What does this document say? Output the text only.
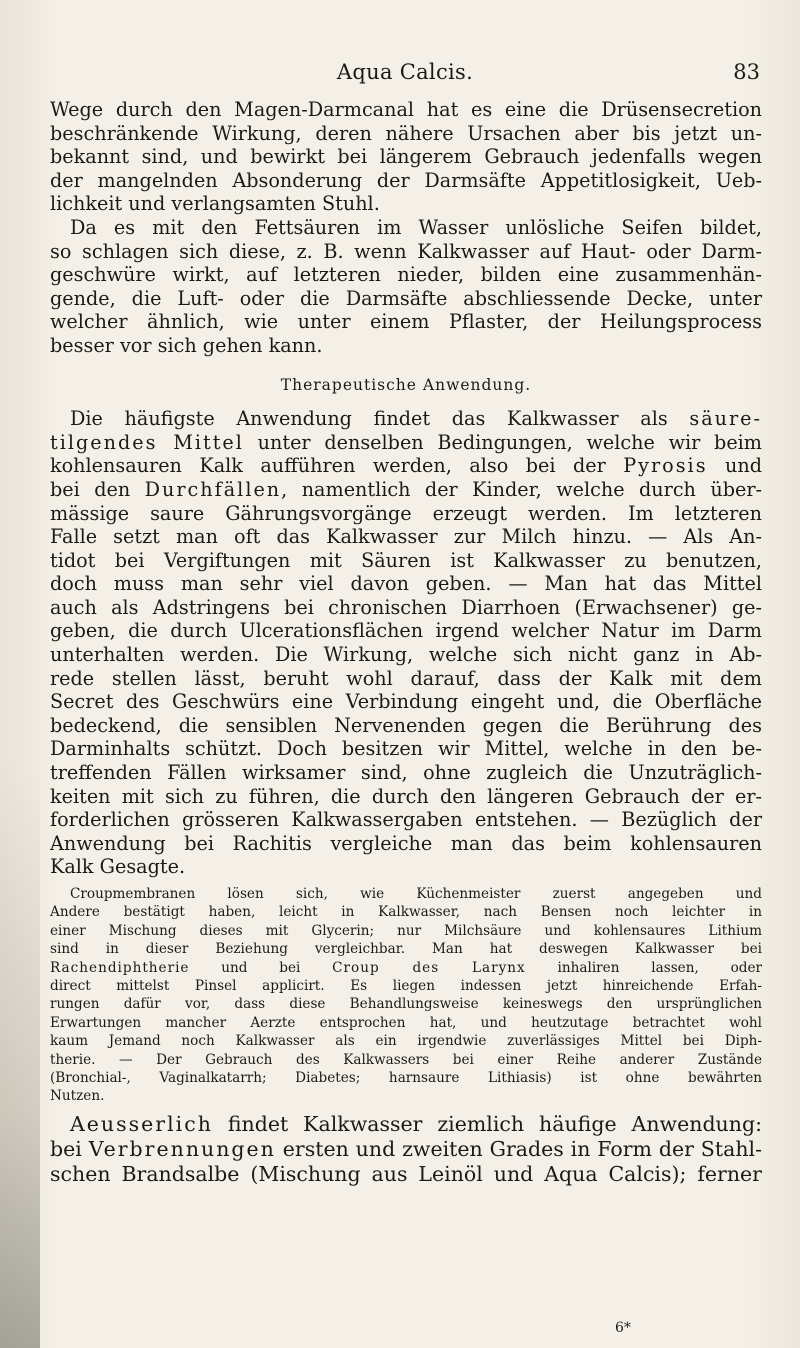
Aqua Calcis.	83
Wege durch den Magen-Darmcanal hat es eine die Drüsensecretion
beschränkende Wirkung, deren nähere Ursachen aber bis jetzt un-
bekannt sind, und bewirkt bei längerem Gebrauch jedenfalls wegen
der mangelnden Absonderung der Darmsäfte Appetitlosigkeit, Ueb-
lichkeit und verlangsamten Stuhl.
Da es mit den Fettsäuren im Wasser unlösliche Seifen bildet,
so schlagen sich diese, z. B. wenn Kalkwasser auf Haut- oder Darm-
geschwüre wirkt, auf letzteren nieder, bilden eine zusammenhän-
gende, die Luft- oder die Darmsäfte abschliessende Decke, unter
welcher ähnlich, wie unter einem Pflaster, der Heilungsprocess
besser vor sich gehen kann.
Therapeutische Anwendung.
Die häufigste Anwendung findet das Kalkwasser als säure-
tilgendes Mittel unter denselben Bedingungen, welche wir beim
kohlensauren Kalk aufführen werden, also bei der Pyrosis und
bei den Durchfällen, namentlich der Kinder, welche durch über-
mässige saure Gährungsvorgänge erzeugt werden. Im letzteren
Falle setzt man oft das Kalkwasser zur Milch hinzu. — Als An-
tidot bei Vergiftungen mit Säuren ist Kalkwasser zu benutzen,
doch muss man sehr viel davon geben. — Man hat das Mittel
auch als Adstringens bei chronischen Diarrhoen (Erwachsener) ge-
geben, die durch Ulcerationsflächen irgend welcher Natur im Darm
unterhalten werden. Die Wirkung, welche sich nicht ganz in Ab-
rede stellen lässt, beruht wohl darauf, dass der Kalk mit dem
Secret des Geschwürs eine Verbindung eingeht und, die Oberfläche
bedeckend, die sensiblen Nervenenden gegen die Berührung des
Darminhalts schützt. Doch besitzen wir Mittel, welche in den be-
treffenden Fällen wirksamer sind, ohne zugleich die Unzuträglich-
keiten mit sich zu führen, die durch den längeren Gebrauch der er-
forderlichen grösseren Kalkwassergaben entstehen. — Bezüglich der
Anwendung bei Rachitis vergleiche man das beim kohlensauren
Kalk Gesagte.
Croupmembranen lösen sich, wie Küchenmeister zuerst angegeben und
Andere bestätigt haben, leicht in Kalkwasser, nach Bensen noch leichter in
einer Mischung dieses mit Glycerin; nur Milchsäure und kohlensaures Lithium
sind in dieser Beziehung vergleichbar. Man hat deswegen Kalkwasser bei
Rachendiphtherie und bei Croup des Larynx inhaliren lassen, oder
direct mittelst Pinsel applicirt. Es liegen indessen jetzt hinreichende Erfah-
rungen dafür vor, dass diese Behandlungsweise keineswegs den ursprünglichen
Erwartungen mancher Aerzte entsprochen hat, und heutzutage betrachtet wohl
kaum Jemand noch Kalkwasser als ein irgendwie zuverlässiges Mittel bei Diph-
therie. — Der Gebrauch des Kalkwassers bei einer Reihe anderer Zustände
(Bronchial-, Vaginalkatarrh; Diabetes; harnsaure Lithiasis) ist ohne bewährten
Nutzen.
Aeusserlich findet Kalkwasser ziemlich häufige Anwendung:
bei Verbrennungen ersten und zweiten Grades in Form der Stahl-
schen Brandsalbe (Mischung aus Leinöl und Aqua Calcis); ferner
6*
